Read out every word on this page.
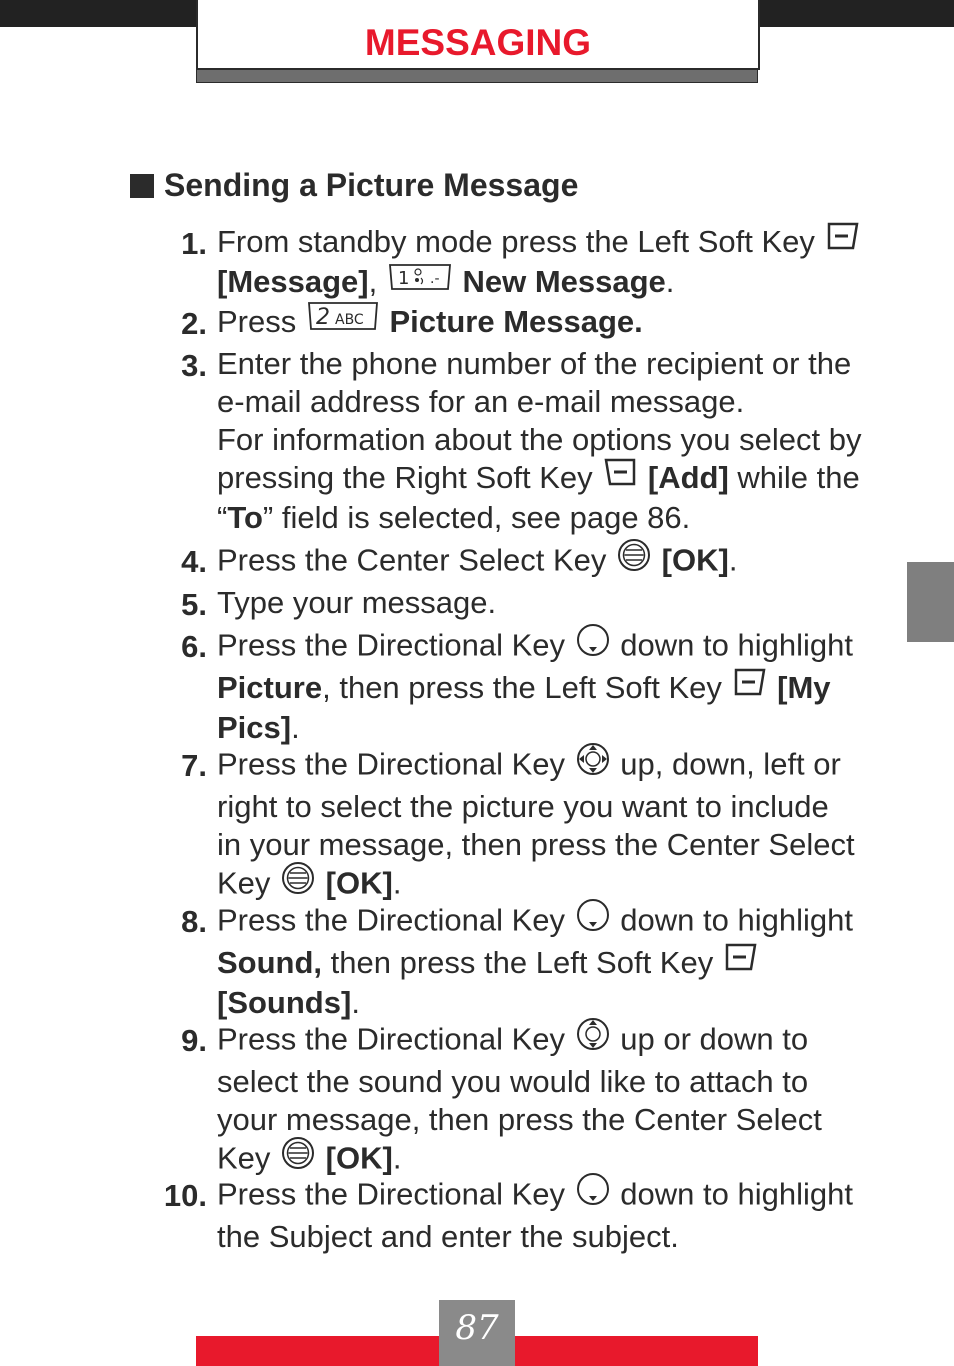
MESSAGING
Sending a Picture Message
1. From standby mode press the Left Soft Key
[Message], 1 .- New Message.
2. Press 2 ABC Picture Message.
3. Enter the phone number of the recipient or the
e-mail address for an e-mail message.
For information about the options you select by
pressing the Right Soft Key  [Add] while the
“To” field is selected, see page 86.
4. Press the Center Select Key  [OK].
5. Type your message.
6. Press the Directional Key  down to highlight
Picture, then press the Left Soft Key  [My
Pics].
7. Press the Directional Key  up, down, left or
right to select the picture you want to include
in your message, then press the Center Select
Key  [OK].
8. Press the Directional Key  down to highlight
Sound, then press the Left Soft Key
[Sounds].
9. Press the Directional Key  up or down to
select the sound you would like to attach to
your message, then press the Center Select
Key  [OK].
10. Press the Directional Key  down to highlight
the Subject and enter the subject.
87
